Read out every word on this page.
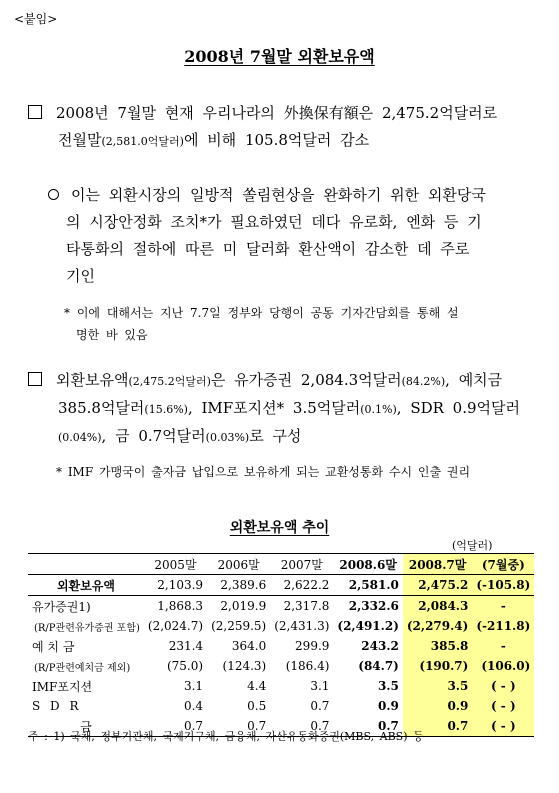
<붙임>
2008년 7월말 외환보유액
2008년 7월말 현재 우리나라의 外換保有額은 2,475.2억달러로
전월말(2,581.0억달러)에 비해 105.8억달러 감소
이는 외환시장의 일방적 쏠림현상을 완화하기 위한 외환당국
의 시장안정화 조치*가 필요하였던 데다 유로화, 엔화 등 기
타통화의 절하에 따른 미 달러화 환산액이 감소한 데 주로
기인
* 이에 대해서는 지난 7.7일 정부와 당행이 공동 기자간담회를 통해 설
명한 바 있음
외환보유액(2,475.2억달러)은 유가증권 2,084.3억달러(84.2%), 예치금
385.8억달러(15.6%), IMF포지션* 3.5억달러(0.1%), SDR 0.9억달러
(0.04%), 금 0.7억달러(0.03%)로 구성
* IMF 가맹국이 출자금 납입으로 보유하게 되는 교환성통화 수시 인출 권리
외환보유액 추이
(억달러)
	2005말	2006말	2007말	2008.6말	2008.7말	(7월중)
외환보유액	2,103.9	2,389.6	2,622.2	2,581.0	2,475.2	(-105.8)
유가증권1)	1,868.3	2,019.9	2,317.8	2,332.6	2,084.3	-
(R/P관련유가증권 포함)	(2,024.7)	(2,259.5)	(2,431.3)	(2,491.2)	(2,279.4)	(-211.8)
예 치 금	231.4	364.0	299.9	243.2	385.8	-
(R/P관련예치금 제외)	(75.0)	(124.3)	(186.4)	(84.7)	(190.7)	(106.0)
IMF포지션	3.1	4.4	3.1	3.5	3.5	( - )
S D R	0.4	0.5	0.7	0.9	0.9	( - )
금	0.7	0.7	0.7	0.7	0.7	( - )
주 : 1) 국채, 정부기관채, 국제기구채, 금융채, 자산유동화증권(MBS, ABS) 등
